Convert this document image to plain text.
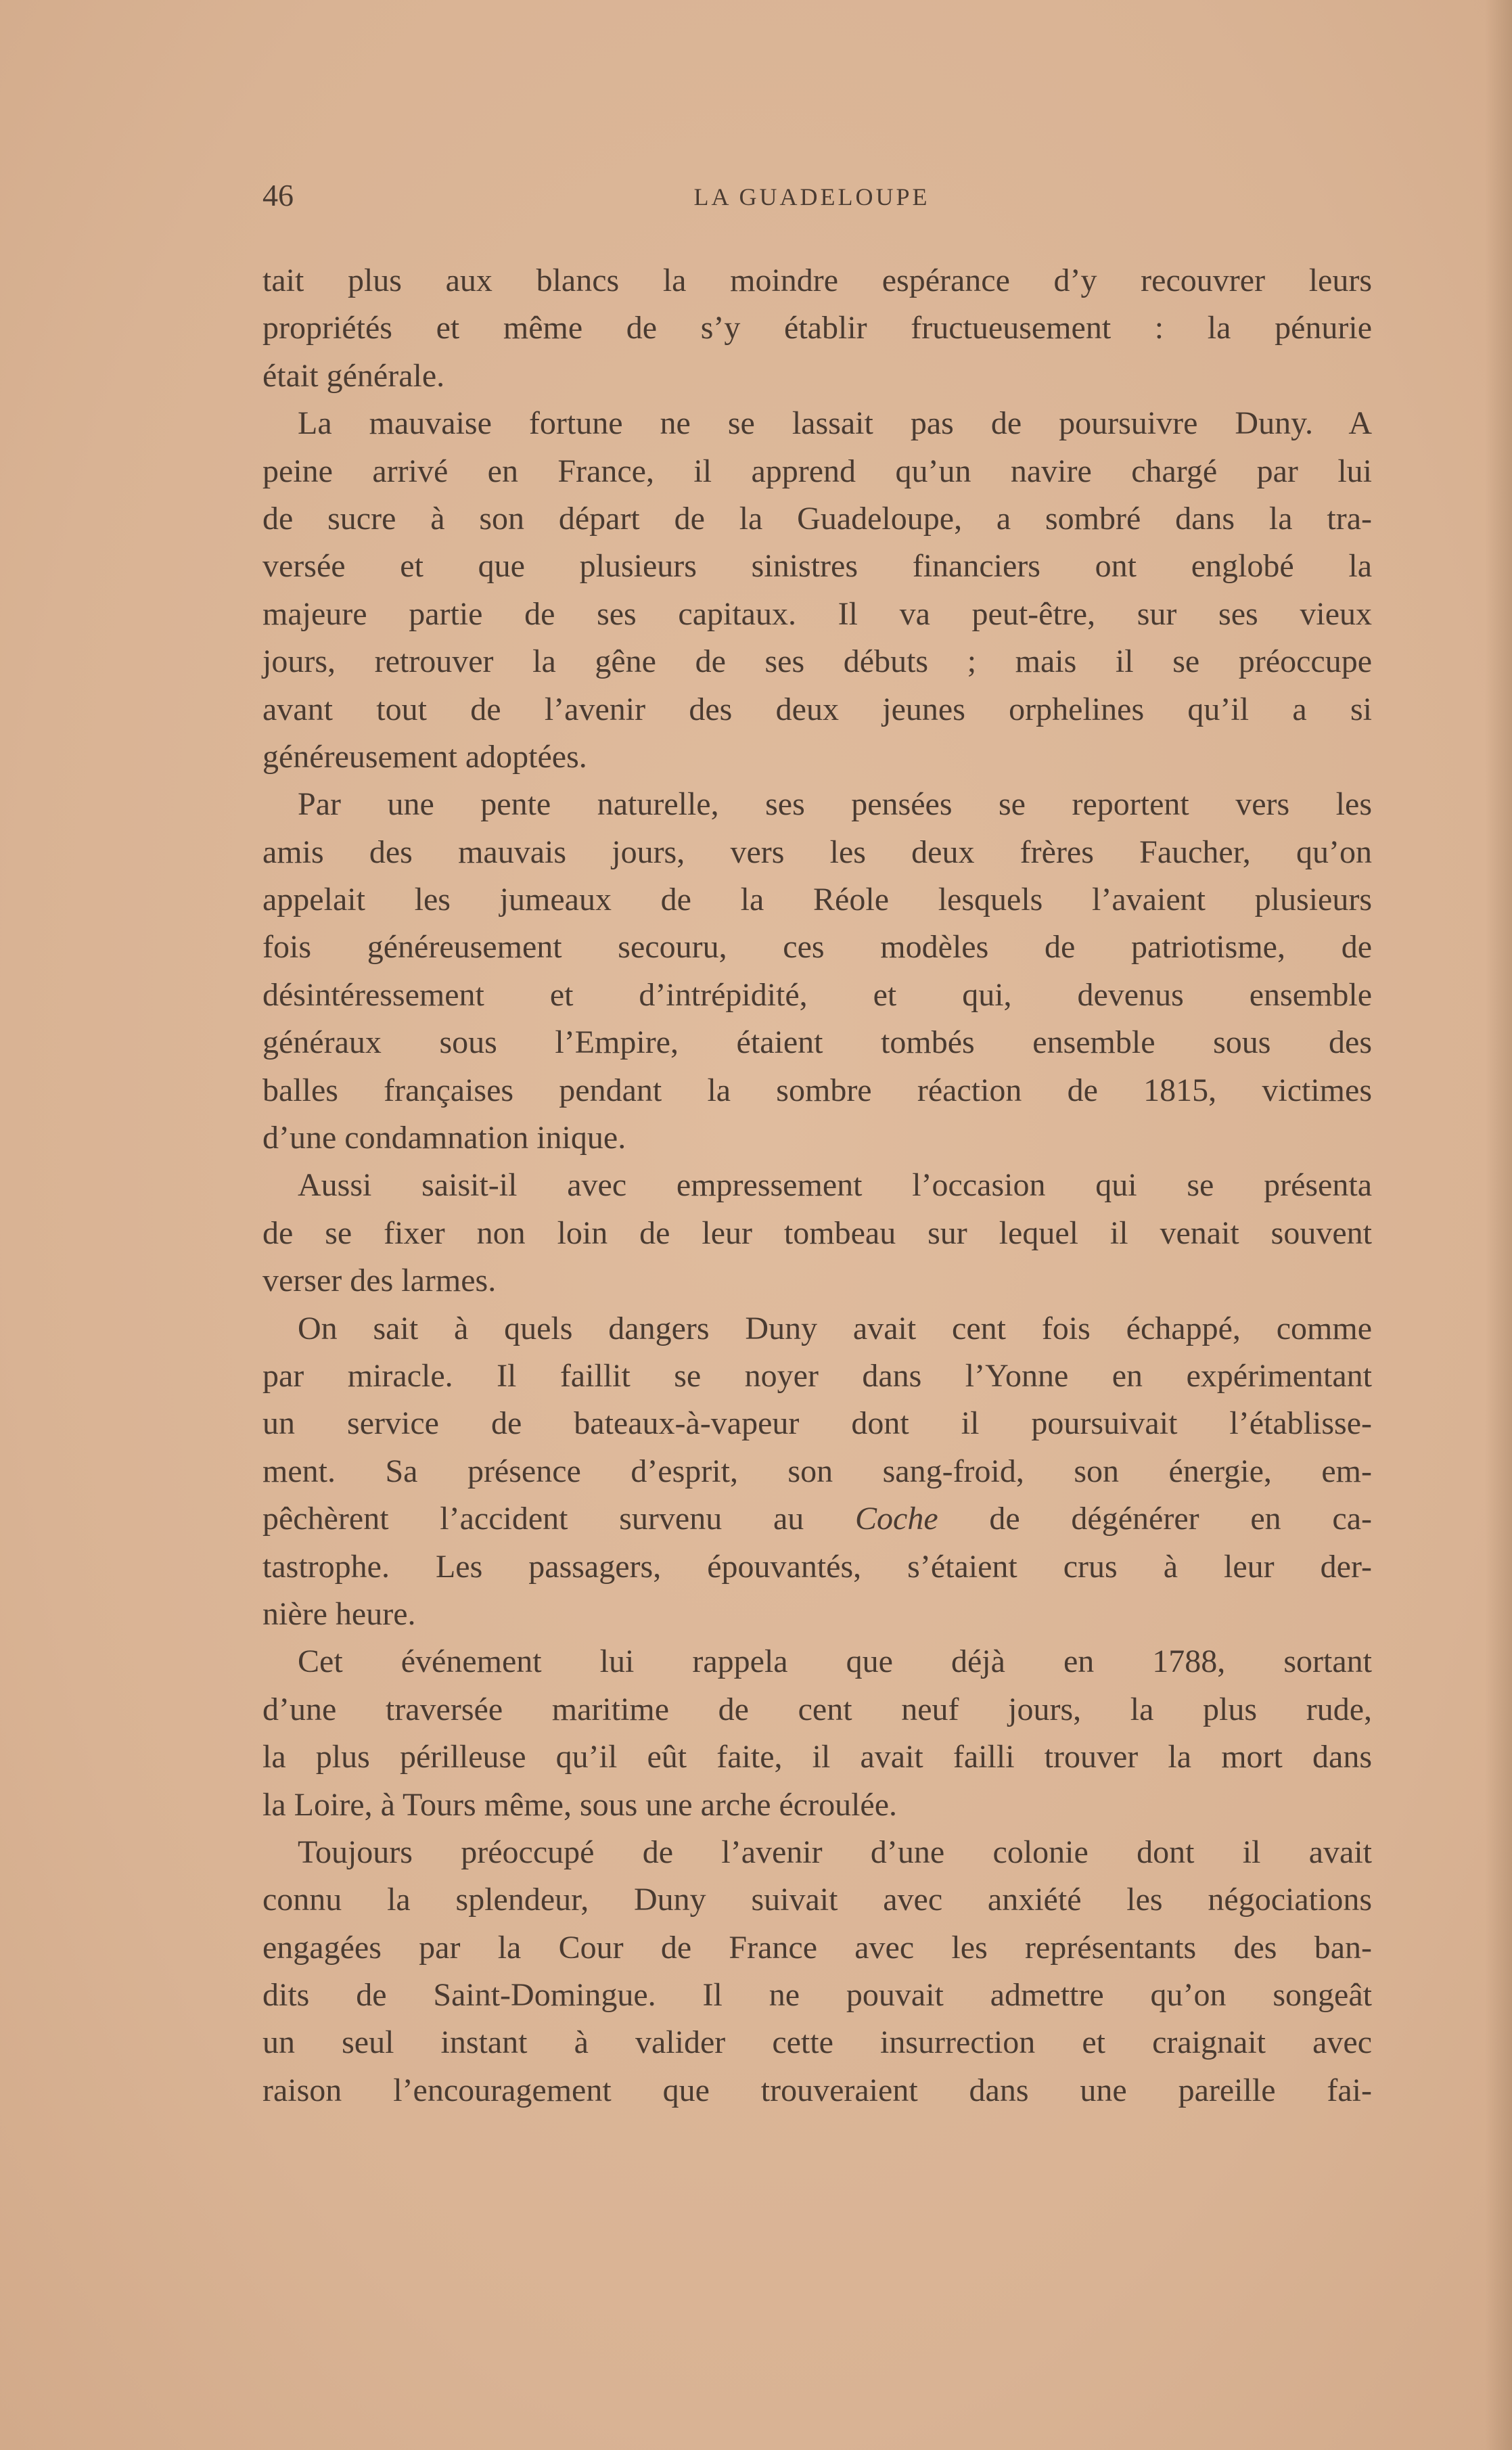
46	LA GUADELOUPE
tait plus aux blancs la moindre espérance d’y recouvrer leurs
propriétés et même de s’y établir fructueusement : la pénurie
était générale.
La mauvaise fortune ne se lassait pas de poursuivre Duny. A
peine arrivé en France, il apprend qu’un navire chargé par lui
de sucre à son départ de la Guadeloupe, a sombré dans la tra-
versée et que plusieurs sinistres financiers ont englobé la
majeure partie de ses capitaux. Il va peut-être, sur ses vieux
jours, retrouver la gêne de ses débuts ; mais il se préoccupe
avant tout de l’avenir des deux jeunes orphelines qu’il a si
généreusement adoptées.
Par une pente naturelle, ses pensées se reportent vers les
amis des mauvais jours, vers les deux frères Faucher, qu’on
appelait les jumeaux de la Réole lesquels l’avaient plusieurs
fois généreusement secouru, ces modèles de patriotisme, de
désintéressement et d’intrépidité, et qui, devenus ensemble
généraux sous l’Empire, étaient tombés ensemble sous des
balles françaises pendant la sombre réaction de 1815, victimes
d’une condamnation inique.
Aussi saisit-il avec empressement l’occasion qui se présenta
de se fixer non loin de leur tombeau sur lequel il venait souvent
verser des larmes.
On sait à quels dangers Duny avait cent fois échappé, comme
par miracle. Il faillit se noyer dans l’Yonne en expérimentant
un service de bateaux-à-vapeur dont il poursuivait l’établisse-
ment. Sa présence d’esprit, son sang-froid, son énergie, em-
pêchèrent l’accident survenu au Coche de dégénérer en ca-
tastrophe. Les passagers, épouvantés, s’étaient crus à leur der-
nière heure.
Cet événement lui rappela que déjà en 1788, sortant
d’une traversée maritime de cent neuf jours, la plus rude,
la plus périlleuse qu’il eût faite, il avait failli trouver la mort dans
la Loire, à Tours même, sous une arche écroulée.
Toujours préoccupé de l’avenir d’une colonie dont il avait
connu la splendeur, Duny suivait avec anxiété les négociations
engagées par la Cour de France avec les représentants des ban-
dits de Saint-Domingue. Il ne pouvait admettre qu’on songeât
un seul instant à valider cette insurrection et craignait avec
raison l’encouragement que trouveraient dans une pareille fai-
